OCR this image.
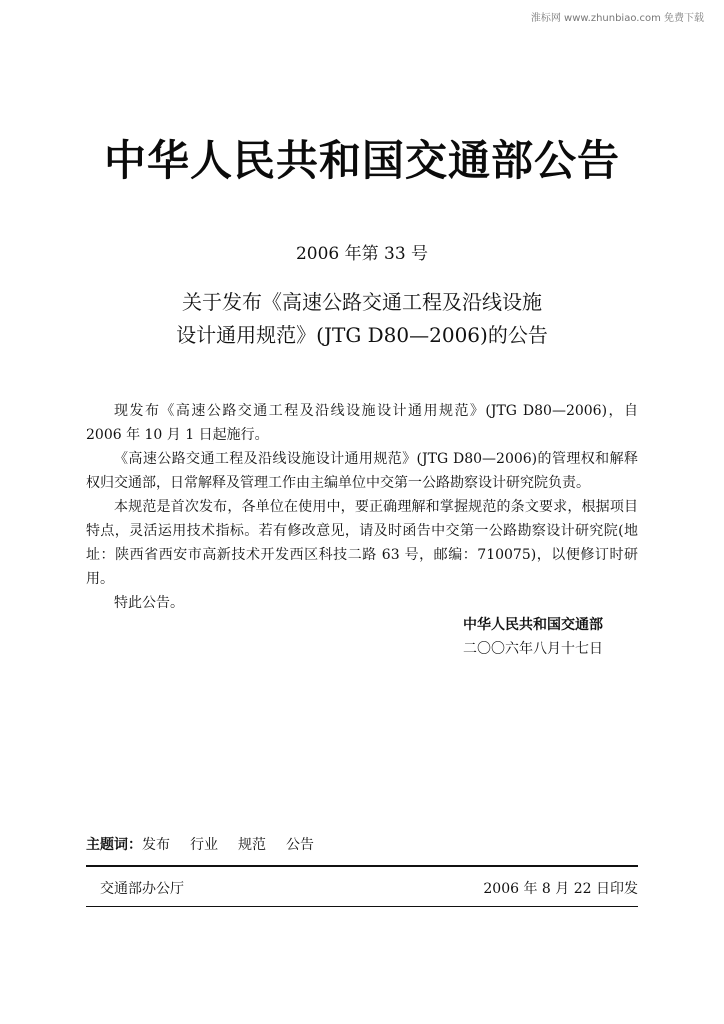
淮标网 www.zhunbiao.com 免费下载
中华人民共和国交通部公告
2006 年第 33 号
关于发布《高速公路交通工程及沿线设施
设计通用规范》(JTG D80—2006)的公告

现发布《高速公路交通工程及沿线设施设计通用规范》(JTG D80—2006)，自 2006 年 10 月 1 日起施行。

《高速公路交通工程及沿线设施设计通用规范》(JTG D80—2006)的管理权和解释权归交通部，日常解释及管理工作由主编单位中交第一公路勘察设计研究院负责。

本规范是首次发布，各单位在使用中，要正确理解和掌握规范的条文要求，根据项目特点，灵活运用技术指标。若有修改意见，请及时函告中交第一公路勘察设计研究院(地址：陕西省西安市高新技术开发西区科技二路 63 号，邮编：710075)，以便修订时研用。

特此公告。

中华人民共和国交通部
二〇〇六年八月十七日
主题词：发布 行业 规范 公告
交通部办公厅	2006 年 8 月 22 日印发
